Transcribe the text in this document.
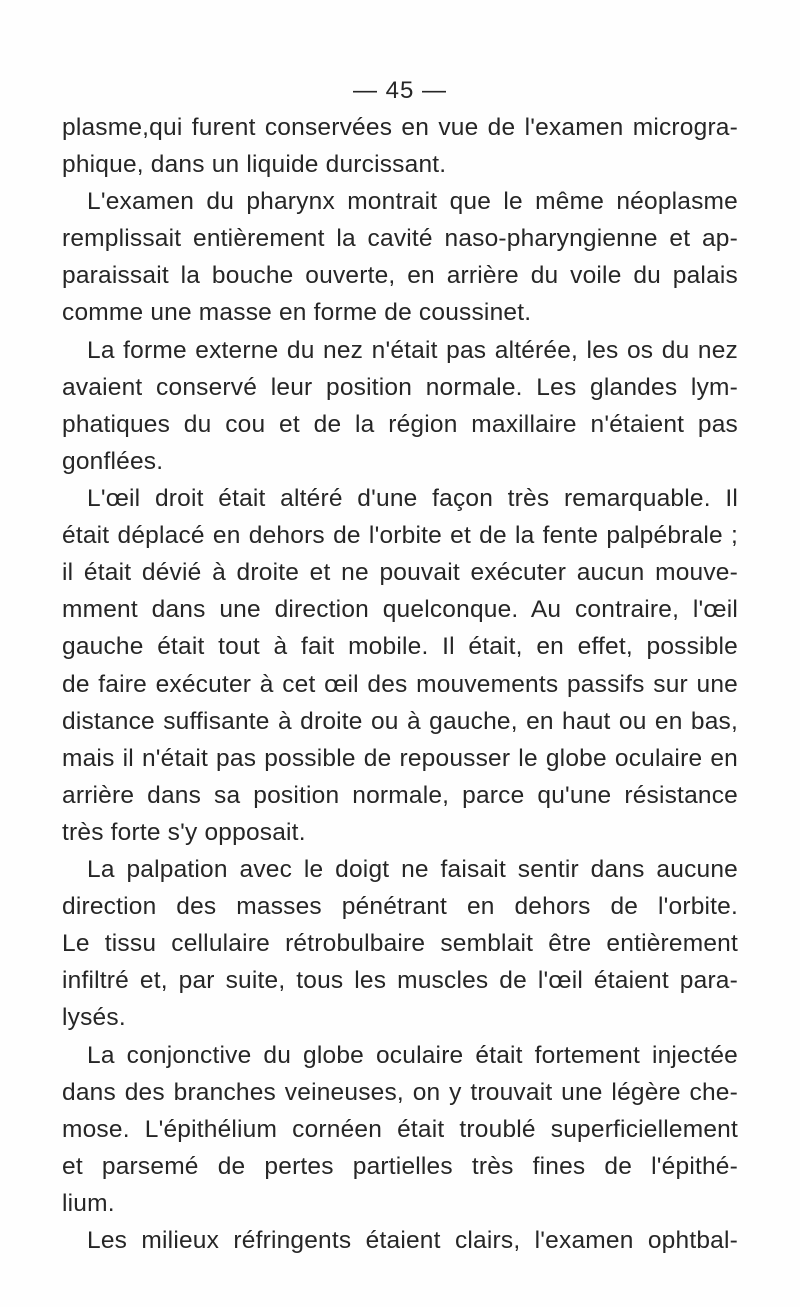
— 45 —
plasme,qui furent conservées en vue de l'examen microgra-
phique, dans un liquide durcissant.
L'examen du pharynx montrait que le même néoplasme
remplissait entièrement la cavité naso-pharyngienne et ap-
paraissait la bouche ouverte, en arrière du voile du palais
comme une masse en forme de coussinet.
La forme externe du nez n'était pas altérée, les os du nez
avaient conservé leur position normale. Les glandes lym-
phatiques du cou et de la région maxillaire n'étaient pas
gonflées.
L'œil droit était altéré d'une façon très remarquable. Il
était déplacé en dehors de l'orbite et de la fente palpébrale ;
il était dévié à droite et ne pouvait exécuter aucun mouve-
mment dans une direction quelconque. Au contraire, l'œil
gauche était tout à fait mobile. Il était, en effet, possible
de faire exécuter à cet œil des mouvements passifs sur une
distance suffisante à droite ou à gauche, en haut ou en bas,
mais il n'était pas possible de repousser le globe oculaire en
arrière dans sa position normale, parce qu'une résistance
très forte s'y opposait.
La palpation avec le doigt ne faisait sentir dans aucune
direction des masses pénétrant en dehors de l'orbite.
Le tissu cellulaire rétrobulbaire semblait être entièrement
infiltré et, par suite, tous les muscles de l'œil étaient para-
lysés.
La conjonctive du globe oculaire était fortement injectée
dans des branches veineuses, on y trouvait une légère che-
mose. L'épithélium cornéen était troublé superficiellement
et parsemé de pertes partielles très fines de l'épithé-
lium.
Les milieux réfringents étaient clairs, l'examen ophtbal-
